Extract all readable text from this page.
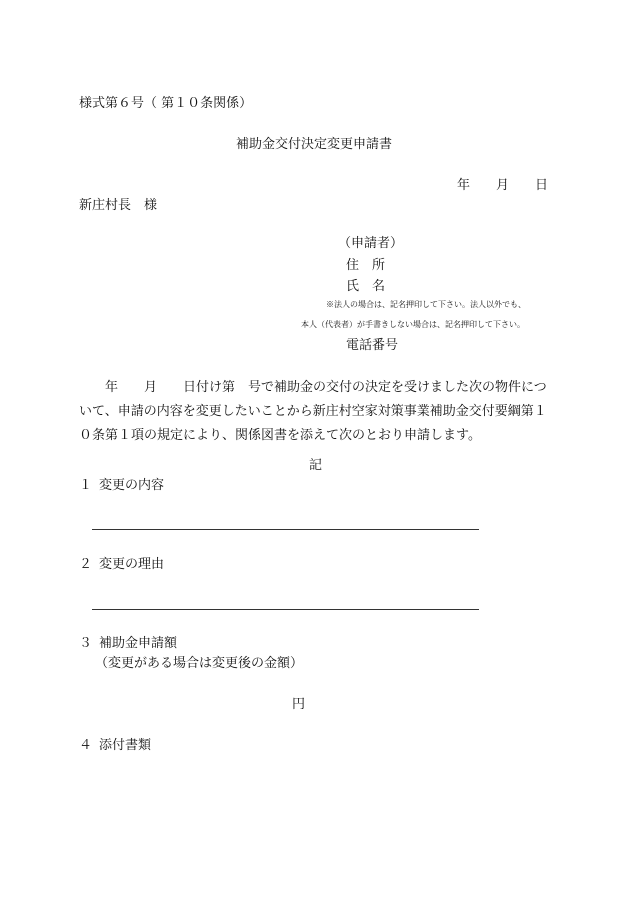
様式第６号（ 第１０条関係）
補助金交付決定変更申請書
年　　月　　日
新庄村長　様
（申請者）
住　所
氏　名
※法人の場合は、記名押印して下さい。法人以外でも、
本人（代表者）が手書きしない場合は、記名押印して下さい。
電話番号
年　　月　　日付け第　号で補助金の交付の決定を受けました次の物件について、申請の内容を変更したいことから新庄村空家対策事業補助金交付要綱第１０条第１項の規定により、関係図書を添えて次のとおり申請します。
記
１ 変更の内容
２ 変更の理由
３ 補助金申請額
（変更がある場合は変更後の金額）
円
４ 添付書類
